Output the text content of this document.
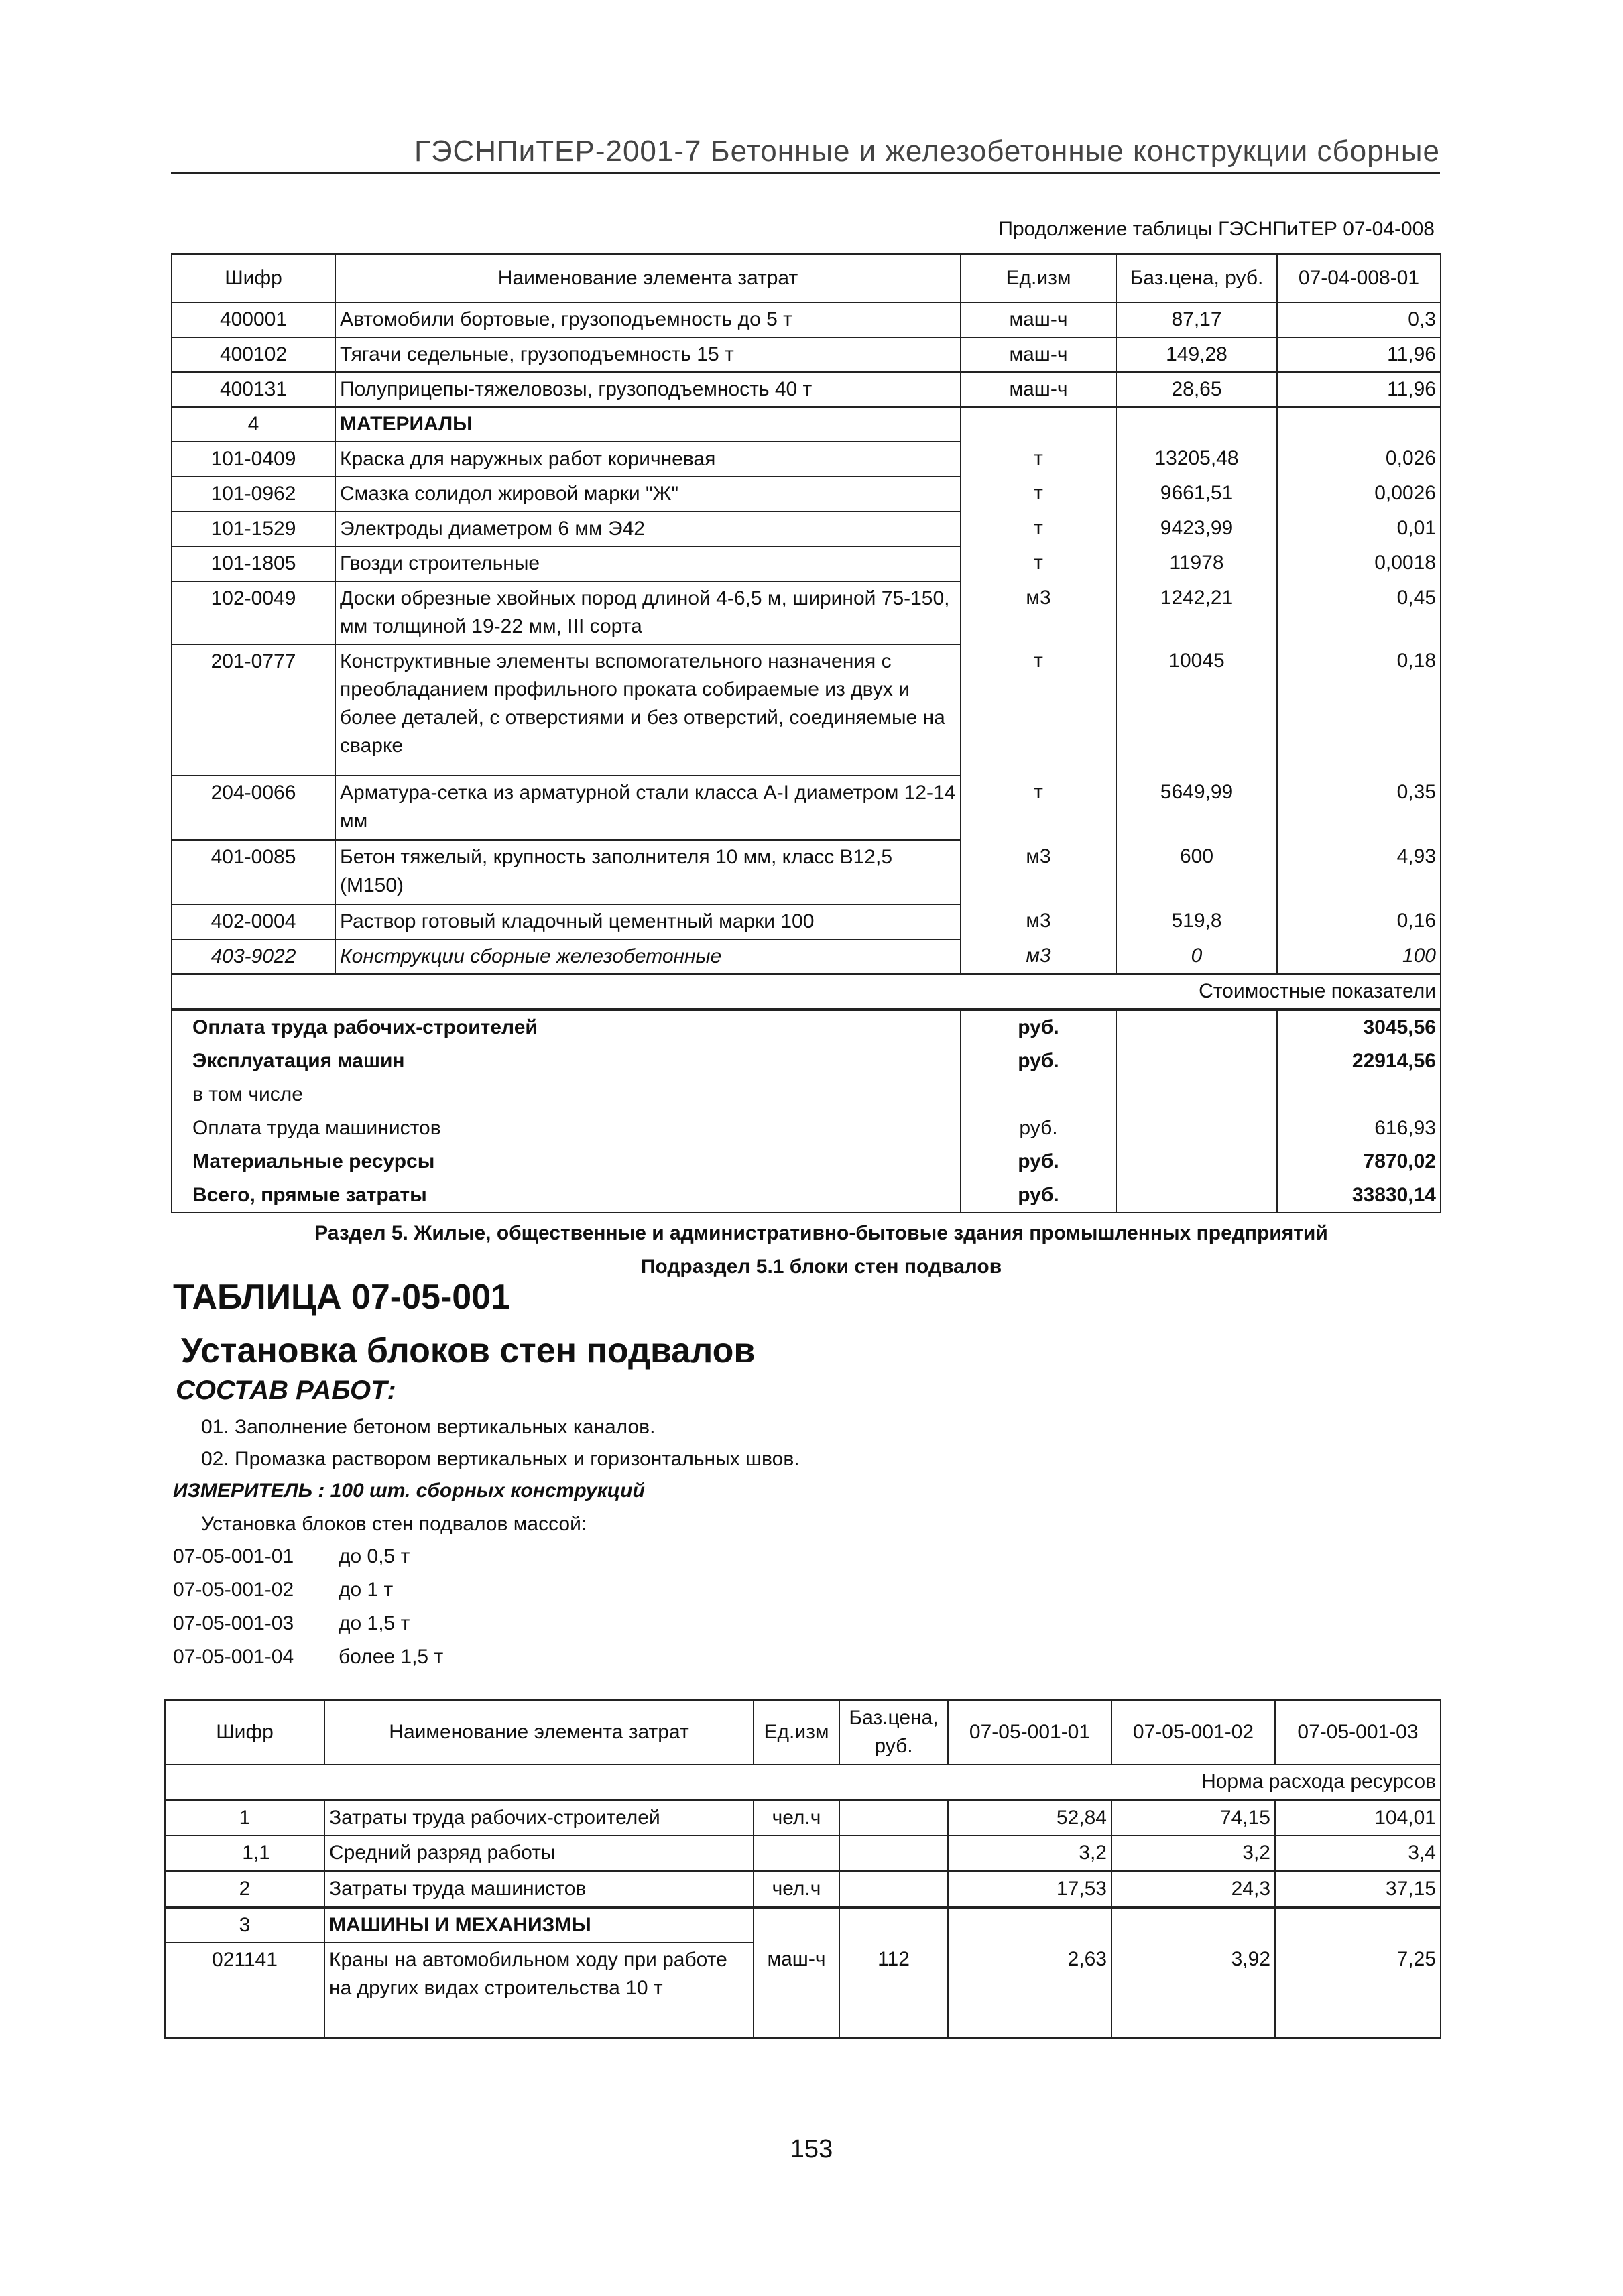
ГЭСНПиТЕР-2001-7 Бетонные и железобетонные конструкции сборные
Продолжение таблицы ГЭСНПиТЕР 07-04-008
Шифр	Наименование элемента затрат	Ед.изм	Баз.цена, руб.	07-04-008-01
400001	Автомобили бортовые, грузоподъемность до 5 т	маш-ч	87,17	0,3
400102	Тягачи седельные, грузоподъемность 15 т	маш-ч	149,28	11,96
400131	Полуприцепы-тяжеловозы, грузоподъемность 40 т	маш-ч	28,65	11,96
4	МАТЕРИАЛЫ			
101-0409	Краска для наружных работ коричневая	т	13205,48	0,026
101-0962	Смазка солидол жировой марки "Ж"	т	9661,51	0,0026
101-1529	Электроды диаметром 6 мм Э42	т	9423,99	0,01
101-1805	Гвозди строительные	т	11978	0,0018
102-0049	Доски обрезные хвойных пород длиной 4-6,5 м, шириной 75-150, мм толщиной 19-22 мм, III сорта	м3	1242,21	0,45
201-0777	Конструктивные элементы вспомогательного назначения с преобладанием профильного проката собираемые из двух и более деталей, с отверстиями и без отверстий, соединяемые на сварке	т	10045	0,18
204-0066	Арматура-сетка из арматурной стали класса А-I диаметром 12-14 мм	т	5649,99	0,35
401-0085	Бетон тяжелый, крупность заполнителя 10 мм, класс В12,5 (М150)	м3	600	4,93
402-0004	Раствор готовый кладочный цементный марки 100	м3	519,8	0,16
403-9022	Конструкции сборные железобетонные	м3	0	100
Стоимостные показатели				
Оплата труда рабочих-строителей		руб.		3045,56
Эксплуатация машин		руб.		22914,56
в том числе				
Оплата труда машинистов		руб.		616,93
Материальные ресурсы		руб.		7870,02
Всего, прямые затраты		руб.		33830,14
Раздел 5. Жилые, общественные и административно-бытовые здания промышленных предприятий
Подраздел 5.1 блоки стен подвалов
ТАБЛИЦА 07-05-001
Установка блоков стен подвалов
СОСТАВ РАБОТ:
01. Заполнение бетоном вертикальных каналов.
02. Промазка раствором вертикальных и горизонтальных швов.
ИЗМЕРИТЕЛЬ : 100 шт. сборных конструкций
Установка блоков стен подвалов массой:
07-05-001-01 до 0,5 т
07-05-001-02 до 1 т
07-05-001-03 до 1,5 т
07-05-001-04 более 1,5 т
Шифр	Наименование элемента затрат	Ед.изм	Баз.цена, руб.	07-05-001-01	07-05-001-02	07-05-001-03
Норма расхода ресурсов						
1	Затраты труда рабочих-строителей	чел.ч		52,84	74,15	104,01
1,1	Средний разряд работы			3,2	3,2	3,4
2	Затраты труда машинистов	чел.ч		17,53	24,3	37,15
3	МАШИНЫ И МЕХАНИЗМЫ					
021141	Краны на автомобильном ходу при работе на других видах строительства 10 т	маш-ч	112	2,63	3,92	7,25
153
